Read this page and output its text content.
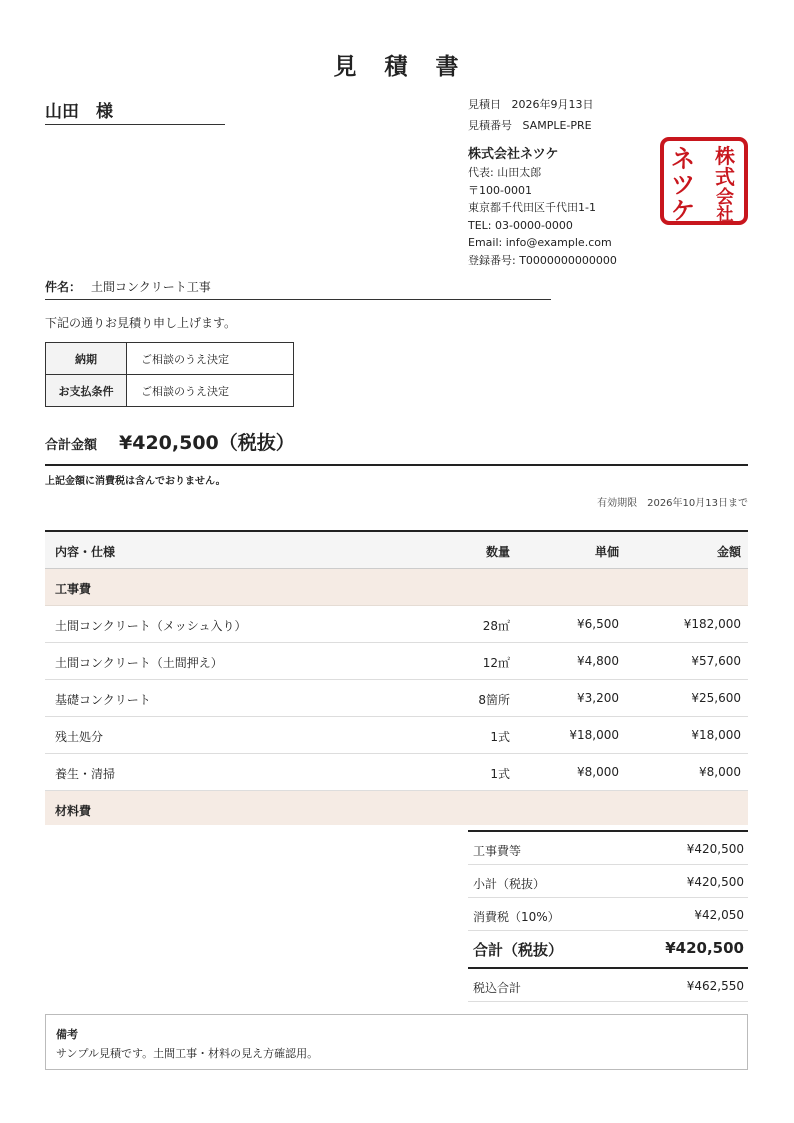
見 積 書
山田　様	見積日 2026年9月13日
見積番号 SAMPLE-PRE
株式会社ネツケ
代表: 山田太郎
〒100-0001
東京都千代田区千代田1-1
TEL: 03-0000-0000
Email: info@example.com
登録番号: T0000000000000
株
式
会
社
ネ
ツ
ケ
件名： 土間コンクリート工事
下記の通りお見積り申し上げます。
納期	ご相談のうえ決定
お支払条件	ご相談のうえ決定
合計金額 ¥420,500（税抜）
上記金額に消費税は含んでおりません。
有効期限　2026年10月13日まで
内容・仕様	数量	単価	金額
工事費
土間コンクリート（メッシュ入り）	28㎡	¥6,500	¥182,000
土間コンクリート（土間押え）	12㎡	¥4,800	¥57,600
基礎コンクリート	8箇所	¥3,200	¥25,600
残土処分	1式	¥18,000	¥18,000
養生・清掃	1式	¥8,000	¥8,000
材料費
工事費等	¥420,500
小計（税抜）	¥420,500
消費税（10%）	¥42,050
合計（税抜）	¥420,500
税込合計	¥462,550
備考
サンプル見積です。土間工事・材料の見え方確認用。
